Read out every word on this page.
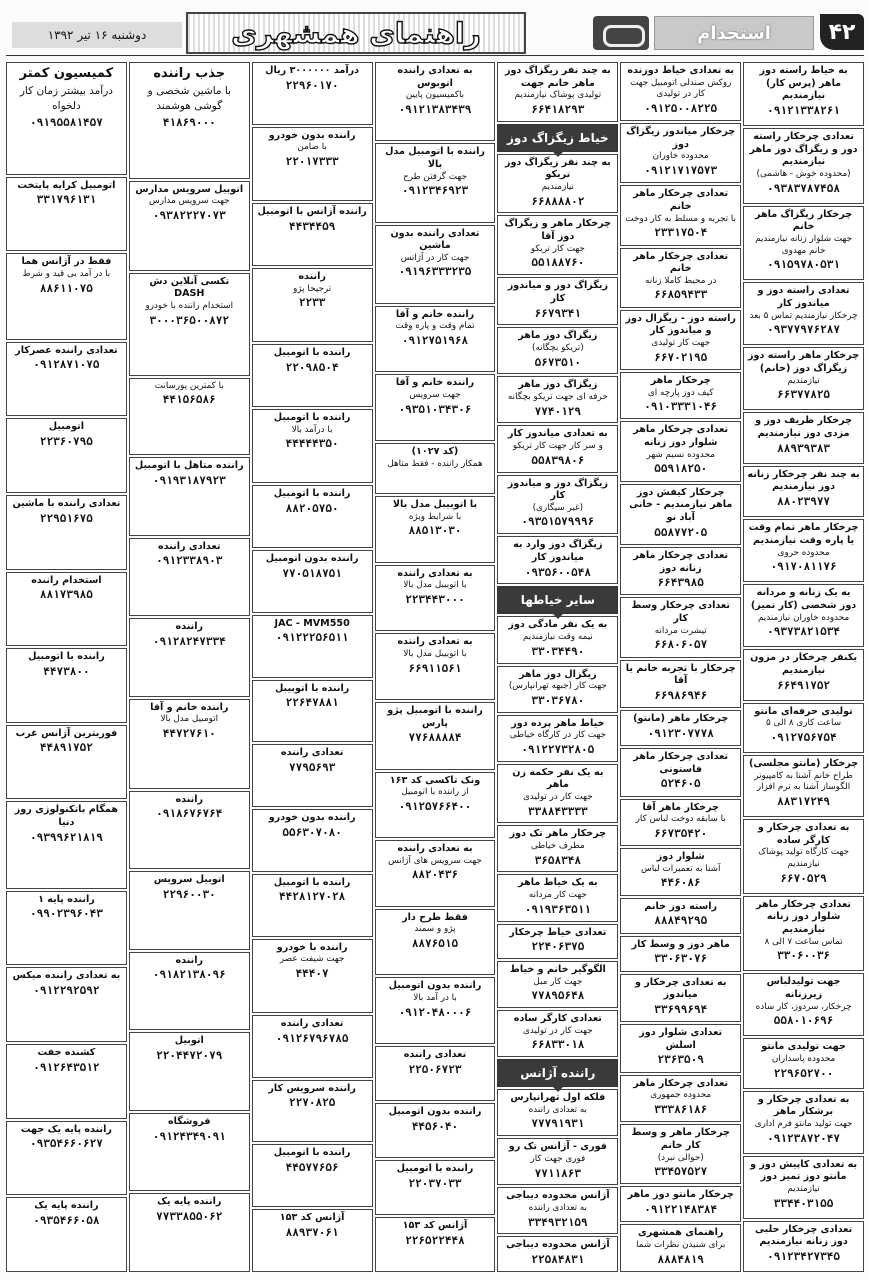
دوشنبه ۱۶ تیر ۱۳۹۲	راهنمای همشهری	استخدام	۴۲
به خیاط راسته دوز ماهر (پرس کار) نیازمندیم
۰۹۱۲۱۳۳۸۲۶۱
تعدادی چرخکار راسته دوز و زیگزاگ دوز ماهر نیازمندیم
(محدوده خوش - هاشمی)
۰۹۳۸۳۷۸۷۴۵۸
چرخکار زیگزاگ ماهر خانم
جهت شلوار زنانه نیازمندیم خانم مهدوی
۰۹۱۵۹۷۸۰۵۳۱
تعدادی راسته دوز و میاندوز کار
چرخکار نیازمندیم تماس ۵ بعد
۰۹۳۷۷۹۷۶۲۸۷
چرخکار ماهر راسته دوز زیگزاگ دوز (خانم)
نیازمندیم
۶۶۳۷۷۸۲۵
چرخکار ظریف دوز و مزدی دوز نیازمندیم
۸۸۹۳۹۳۸۳
به چند نفر چرخکار زنانه دوز نیازمندیم
۸۸۰۲۳۹۷۷
چرخکار ماهر تمام وقت یا پاره وقت نیازمندیم
محدوده حروی
۰۹۱۷۰۸۱۱۷۶
به یک زنانه و مردانه دوز شخصی (کار تمیز)
محدوده خاوران نیازمندیم
۰۹۳۷۳۸۲۱۵۳۴
یکنفر چرخکار در مزون نیازمندیم
۶۶۴۹۱۷۵۲
تولیدی حرفه‌ای مانتو
ساعت کاری ۸ الی ۵
۰۹۱۲۷۵۶۷۵۴
چرخکار (مانتو مجلسی)
طراح خانم آشنا به کامپیوتر الگوساز آشنا به نرم افزار
۸۸۳۱۷۲۴۹
به تعدادی چرخکار و کارگر ساده
جهت کارگاه تولید پوشاک نیازمندیم
۶۶۷۰۵۲۹
تعدادی چرخکار ماهر شلوار دوز زنانه نیازمندیم
تماس ساعت ۷ الی ۸
۳۳۰۶۰۰۳۶
جهت تولیدلباس زیرزنانه
چرخکار، سردوز، کار ساده
۵۵۸۰۱۰۶۹۶
جهت تولیدی مانتو
محدوده پاسداران
۲۲۹۶۵۲۷۰۰
به تعدادی چرخکار و برشکار ماهر
جهت تولید مانتو فرم اداری
۰۹۱۲۳۸۷۲۰۴۷
به تعدادی کاپیش دوز و مانتو دوز تمیز دوز
نیازمندیم
۳۳۴۴۰۳۱۵۵
تعدادی چرخکار حلبی دوز زنانه نیازمندیم
۰۹۱۲۳۴۲۷۳۴۵
به تعدادی خیاط دوزنده
روکش صندلی اتومبیل جهت کار در تولیدی
۰۹۱۲۵۰۰۸۲۲۵
چرخکار میاندوز زیگزاگ دوز
محدوده خاوران
۰۹۱۲۱۷۱۷۵۷۳
تعدادی چرخکار ماهر خانم
با تجربه و مسلط به کار دوخت
۲۳۳۱۷۵۰۴
تعدادی چرخکار ماهر خانم
در محیط کاملا زنانه
۶۶۸۵۹۴۳۳
راسته دوز - زیگزال دوز و میاندوز کار
جهت کار تولیدی
۶۶۷۰۲۱۹۵
چرخکار ماهر
کیف دوز پارچه ای
۰۹۱۰۳۳۳۱۰۴۶
تعدادی چرخکار ماهر شلوار دوز زنانه
محدوده نسیم شهر
۵۵۹۱۸۲۵۰
چرخکار کیفش دوز ماهر نیازمندیم - خانی آباد نو
۵۵۸۷۷۲۰۵
تعدادی چرخکار ماهر زنانه دوز
۶۶۴۳۹۸۵
تعدادی چرخکار وسط کار
تیشرت مردانه
۶۶۸۰۶۰۵۷
چرخکار با تجربه خانم یا آقا
۶۶۹۸۶۹۴۶
چرخکار ماهر (مانتو)
۰۹۱۲۳۰۷۷۷۸
تعدادی چرخکار ماهر فاستونی
۵۲۴۶۰۵
چرخکار ماهر آقا
با سابقه دوخت لباس کار
۶۶۷۳۵۴۲۰
شلوار دوز
آشنا به تعمیرات لباس
۴۴۶۰۸۶
راسته دوز خانم
۸۸۸۴۹۲۹۵
ماهر دوز و وسط کار
۳۳۰۶۳۰۷۶
به تعدادی چرخکار و میاندوز
۳۳۶۹۹۶۹۴
تعدادی شلوار دوز اسلش
۲۳۶۳۵۰۹
تعدادی چرخکار ماهر
محدوده جمهوری
۳۳۳۸۶۱۸۶
چرخکار ماهر و وسط کار خانم
(حوالی نبرد)
۳۳۴۵۷۵۲۷
چرخکار مانتو دوز ماهر
۰۹۱۲۲۱۴۸۳۸۴
راهنمای همشهری
برای شنیدن نظرات شما
۸۸۸۴۸۱۹
به چند نفر زیگزاگ دوز ماهر خانم جهت
تولیدی پوشاک نیازمندیم
۶۶۴۱۸۲۹۳
خیاط زیگزاگ دوز
به چند نفر زیگزاگ دوز تریکو
نیازمندیم
۶۶۸۸۸۸۰۲
چرخکار ماهر و زیگزاگ دوز آقا
جهت کار تریکو
۵۵۱۸۸۷۶۰
زیگزاگ دوز و میاندوز کار
۶۶۷۹۳۴۱
زیگزاگ دوز ماهر
(تریکو بچگانه)
۵۶۷۳۵۱۰
زیگزاگ دوز ماهر
حرفه ای جهت تریکو بچگانه
۷۷۴۰۱۲۹
به تعدادی میاندوز کار
و سر کار جهت کار تریکو
۵۵۸۳۹۸۰۶
زیگزاگ دوز و میاندوز کار
(غیر سیگاری)
۰۹۳۵۱۵۷۹۹۹۶
زیگزاگ دوز وارد به میاندوز کار
۰۹۳۵۶۰۰۵۴۸
سایر خیاطها
به یک نفر مادگی دوز
نیمه وقت نیازمندیم
۳۳۰۳۴۴۹۰
زیگزال دوز ماهر
جهت کار (جبهه تهرانپارس)
۳۳۰۳۶۷۸۰
خیاط ماهر پرده دوز
جهت کار در کارگاه خیاطی
۰۹۱۲۲۷۳۲۸۰۵
به یک نفر حکمه زن ماهر
جهت کار در تولیدی
۳۳۸۸۴۳۳۳۳
چرخکار ماهر تک دوز
مطرف خیاطی
۳۶۵۸۳۴۸
به یک خیاط ماهر
جهت کار مردانه
۰۹۱۹۳۶۳۵۱۱
تعدادی خیاط چرخکار
۲۲۴۰۶۳۷۵
الگوگیر خانم و خیاط
جهت کار مبل
۷۷۸۹۵۶۴۸
تعدادی کارگر ساده
جهت کار در تولیدی
۶۶۸۳۳۰۱۸
راننده آژانس
فلکه اول تهرانپارس
به تعدادی راننده
۷۷۷۹۱۹۳۱
فوری - آژانس تک رو
فوری جهت کار
۷۷۱۱۸۶۳
آژانس محدوده دیباجی
به تعدادی راننده
۳۳۴۹۳۲۱۵۹
آژانس محدوده دیباجی
۲۲۵۸۴۸۳۱
به تعدادی راننده اتوبوس
باکمیسیون پایین
۰۹۱۲۱۳۸۳۴۳۹
راننده با اتومبیل مدل بالا
جهت گرفتن طرح
۰۹۱۲۳۴۶۹۲۳
تعدادی راننده بدون ماشین
جهت کار در آژانس
۰۹۱۹۶۳۳۳۲۳۵
راننده خانم و آقا
تمام وقت و پاره وقت
۰۹۱۲۷۵۱۹۶۸
راننده خانم و آقا
جهت سرویس
۰۹۳۵۱۰۳۴۳۰۶
(کد ۱۰۲۷)
همکار راننده - فقط متاهل
با اتوبیبل مدل بالا
با شرایط ویژه
۸۸۵۱۳۰۳۰
به تعدادی راننده
با اتوبیبل مدل بالا
۲۲۳۴۴۳۰۰۰
به تعدادی راننده
با اتوبیبل مدل بالا
۶۶۹۱۱۵۶۱
راننده با اتومبیل پژو پارس
۷۷۶۸۸۸۸۴
ونک تاکسی کد ۱۶۳
از راننده با اتومبیل
۰۹۱۲۵۷۶۶۴۰۰
به تعدادی راننده
جهت سرویس های آژانس
۸۸۲۰۴۳۶
فقط طرح دار
پژو و سمند
۸۸۷۶۵۱۵
راننده بدون اتومبیل
با در آمد بالا
۰۹۱۲۰۴۸۰۰۰۶
تعدادی راننده
۲۲۵۰۶۷۲۳
راننده بدون اتومبیل
۴۴۵۶۰۴۰
راننده با اتومبیل
۲۲۰۳۷۰۳۳
آژانس کد ۱۵۳
۲۲۶۵۲۲۴۴۸
درآمد ۳۰۰۰۰۰۰ ریال
۲۲۹۶۰۱۷۰
راننده بدون خودرو
با ضامن
۲۲۰۱۷۳۳۳
راننده آژانس با اتومبیل
۴۴۳۴۴۵۹
راننده
ترجیحا پژو
۲۲۳۳
راننده با اتومبیل
۲۲۰۹۸۵۰۴
راننده با اتومبیل
با درآمد بالا
۴۴۴۴۴۳۵۰
راننده با اتومبیل
۸۸۲۰۵۷۵۰
راننده بدون اتومبیل
۷۷۰۵۱۸۷۵۱
JAC - MVM550
۰۹۱۲۲۲۵۶۵۱۱
راننده با اتوبیبل
۲۲۶۴۷۸۸۱
تعدادی راننده
۷۷۹۵۶۹۳
راننده بدون خودرو
۵۵۶۳۰۷۰۸۰
راننده با اتومبیل
۴۴۲۸۱۲۷۰۲۸
راننده با خودرو
جهت شیفت عصر
۴۴۴۰۷
تعدادی راننده
۰۹۱۲۶۷۹۶۷۸۵
راننده سرویس کار
۲۲۷۰۸۲۵
راننده با اتومبیل
۴۴۵۷۷۶۵۶
آژانس کد ۱۵۳
۸۸۹۳۷۰۶۱
جذب راننده
با ماشین شخصی و گوشی هوشمند
۴۱۸۶۹۰۰۰
اتوبیل سرویس مدارس
جهت سرویس مدارس
۰۹۳۸۲۲۲۷۰۷۳
تکسی آنلاین دش DASH
استخدام راننده با خودرو
۳۰۰۰۳۶۵۰۰۸۷۲
با کمترین پورسانت
۴۴۱۵۶۵۸۶
راننده متاهل با اتومبیل
۰۹۱۹۳۱۸۷۹۲۳
تعدادی راننده
۰۹۱۲۳۳۸۹۰۳
راننده
۰۹۱۲۸۲۴۷۳۳۴
راننده خانم و آقا
اتومبیل مدل بالا
۴۴۷۲۷۶۱۰
راننده
۰۹۱۸۶۷۶۷۶۴
اتوبیل سرویس
۲۲۹۶۰۰۳۰
راننده
۰۹۱۸۲۱۳۸۰۹۶
اتوبیل
۲۲۰۴۴۷۲۰۷۹
فروشگاه
۰۹۱۲۴۳۴۹۰۹۱
راننده پایه یک
۷۷۳۳۸۵۵۰۶۲
کمیسیون کمتر
درآمد بیشتر زمان کار دلخواه
۰۹۱۹۵۵۸۱۴۵۷
اتومبیل کرایه پایتخت
۳۳۱۷۹۶۱۳۱
فقط در آژانس هما
با در آمد بی قید و شرط
۸۸۶۱۱۰۷۵
تعدادی راننده عصرکار
۰۹۱۲۸۷۱۰۷۵
اتومبیل
۲۲۳۶۰۷۹۵
تعدادی راننده با ماشین
۲۲۹۵۱۶۷۵
استخدام راننده
۸۸۱۷۳۹۸۵
راننده با اتومبیل
۴۴۷۳۸۰۰
فوریترین آژانس غرب
۴۴۸۹۱۷۵۲
همگام باتکنولوژی روز دنیا
۰۹۳۹۹۶۲۱۸۱۹
راننده پایه ۱
۰۹۹۰۲۳۹۶۰۴۳
به تعدادی راننده میکس
۰۹۱۲۲۹۲۵۹۲
کشنده جفت
۰۹۱۲۶۴۳۵۱۲
راننده پایه یک جهت
۰۹۳۵۴۶۶۰۶۲۷
راننده پایه یک
۰۹۳۵۴۶۶۰۵۸
